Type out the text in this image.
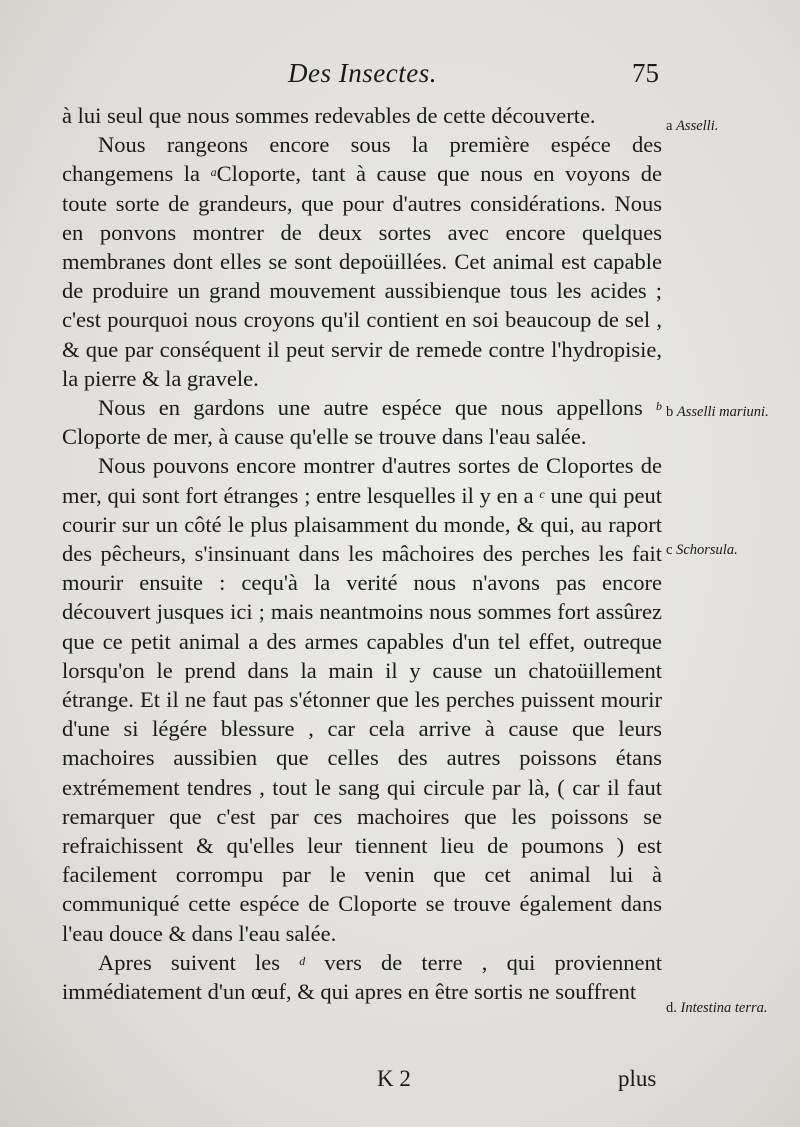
Des Insectes.	75

à lui seul que nous sommes redevables de cette découverte.

Nous rangeons encore sous la première espéce des changemens la $^a$Cloporte, tant à cause que nous en voyons de toute sorte de grandeurs, que pour d'autres considérations. Nous en ponvons montrer de deux sortes avec encore quelques membranes dont elles se sont depoüillées. Cet animal est capable de produire un grand mouvement aussibienque tous les acides ; c'est pourquoi nous croyons qu'il contient en soi beaucoup de sel , & que par conséquent il peut servir de remede contre l'hydropisie, la pierre & la gravele.

Nous en gardons une autre espéce que nous appellons $^b$ Cloporte de mer, à cause qu'elle se trouve dans l'eau salée.

Nous pouvons encore montrer d'autres sortes de Cloportes de mer, qui sont fort étranges ; entre lesquelles il y en a $^c$ une qui peut courir sur un côté le plus plaisamment du monde, & qui, au raport des pêcheurs, s'insinuant dans les mâchoires des perches les fait mourir ensuite : cequ'à la verité nous n'avons pas encore découvert jusques ici ; mais neantmoins nous sommes fort assûrez que ce petit animal a des armes capables d'un tel effet, outreque lorsqu'on le prend dans la main il y cause un chatoüillement étrange. Et il ne faut pas s'étonner que les perches puissent mourir d'une si légére blessure , car cela arrive à cause que leurs machoires aussibien que celles des autres poissons étans extrémement tendres , tout le sang qui circule par là, ( car il faut remarquer que c'est par ces machoires que les poissons se refraichissent & qu'elles leur tiennent lieu de poumons ) est facilement corrompu par le venin que cet animal lui à communiqué cette espéce de Cloporte se trouve également dans l'eau douce & dans l'eau salée.

Apres suivent les $^d$ vers de terre , qui proviennent immédiatement d'un œuf, & qui apres en être sortis ne souffrent

a Asselli.
b Asselli mariuni.
c Schorsula.
d. Intestina terra.
K 2	plus
